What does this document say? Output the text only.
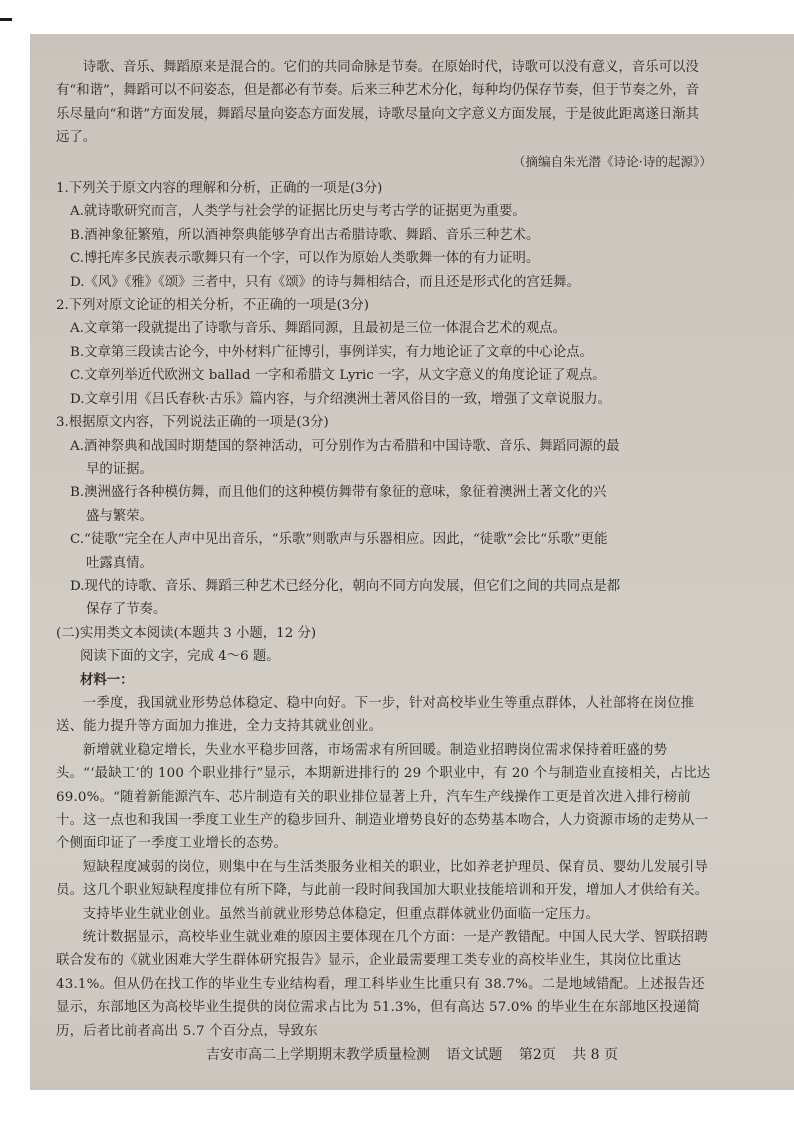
诗歌、音乐、舞蹈原来是混合的。它们的共同命脉是节奏。在原始时代，诗歌可以没有意义，音乐可以没有“和谐”，舞蹈可以不问姿态，但是都必有节奏。后来三种艺术分化，每种均仍保存节奏，但于节奏之外，音乐尽量向“和谐”方面发展，舞蹈尽量向姿态方面发展，诗歌尽量向文字意义方面发展，于是彼此距离遂日渐其远了。

（摘编自朱光潜《诗论·诗的起源》）

1.下列关于原文内容的理解和分析，正确的一项是(3分)

A.就诗歌研究而言，人类学与社会学的证据比历史与考古学的证据更为重要。

B.酒神象征繁殖，所以酒神祭典能够孕育出古希腊诗歌、舞蹈、音乐三种艺术。

C.博托库多民族表示歌舞只有一个字，可以作为原始人类歌舞一体的有力证明。

D.《风》《雅》《颂》三者中，只有《颂》的诗与舞相结合，而且还是形式化的宫廷舞。

2.下列对原文论证的相关分析，不正确的一项是(3分)

A.文章第一段就提出了诗歌与音乐、舞蹈同源，且最初是三位一体混合艺术的观点。

B.文章第三段读古论今，中外材料广征博引，事例详实，有力地论证了文章的中心论点。

C.文章列举近代欧洲文 ballad 一字和希腊文 Lyric 一字，从文字意义的角度论证了观点。

D.文章引用《吕氏春秋·古乐》篇内容，与介绍澳洲土著风俗目的一致，增强了文章说服力。

3.根据原文内容，下列说法正确的一项是(3分)

A.酒神祭典和战国时期楚国的祭神活动，可分别作为古希腊和中国诗歌、音乐、舞蹈同源的最

早的证据。

B.澳洲盛行各种模仿舞，而且他们的这种模仿舞带有象征的意味，象征着澳洲土著文化的兴

盛与繁荣。

C.“徒歌”完全在人声中见出音乐，“乐歌”则歌声与乐器相应。因此，“徒歌”会比“乐歌”更能

吐露真情。

D.现代的诗歌、音乐、舞蹈三种艺术已经分化，朝向不同方向发展，但它们之间的共同点是都

保存了节奏。

(二)实用类文本阅读(本题共 3 小题，12 分)

阅读下面的文字，完成 4～6 题。

材料一：

一季度，我国就业形势总体稳定、稳中向好。下一步，针对高校毕业生等重点群体，人社部将在岗位推送、能力提升等方面加力推进，全力支持其就业创业。

新增就业稳定增长，失业水平稳步回落，市场需求有所回暖。制造业招聘岗位需求保持着旺盛的势头。“‘最缺工’的 100 个职业排行”显示，本期新进排行的 29 个职业中，有 20 个与制造业直接相关，占比达 69.0%。“随着新能源汽车、芯片制造有关的职业排位显著上升，汽车生产线操作工更是首次进入排行榜前十。这一点也和我国一季度工业生产的稳步回升、制造业增势良好的态势基本吻合，人力资源市场的走势从一个侧面印证了一季度工业增长的态势。

短缺程度减弱的岗位，则集中在与生活类服务业相关的职业，比如养老护理员、保育员、婴幼儿发展引导员。这几个职业短缺程度排位有所下降，与此前一段时间我国加大职业技能培训和开发，增加人才供给有关。

支持毕业生就业创业。虽然当前就业形势总体稳定，但重点群体就业仍面临一定压力。

统计数据显示，高校毕业生就业难的原因主要体现在几个方面：一是产教错配。中国人民大学、智联招聘联合发布的《就业困难大学生群体研究报告》显示，企业最需要理工类专业的高校毕业生，其岗位比重达 43.1%。但从仍在找工作的毕业生专业结构看，理工科毕业生比重只有 38.7%。二是地域错配。上述报告还显示，东部地区为高校毕业生提供的岗位需求占比为 51.3%，但有高达 57.0% 的毕业生在东部地区投递简历，后者比前者高出 5.7 个百分点，导致东

吉安市高二上学期期末教学质量检测 语文试题 第2页 共 8 页
